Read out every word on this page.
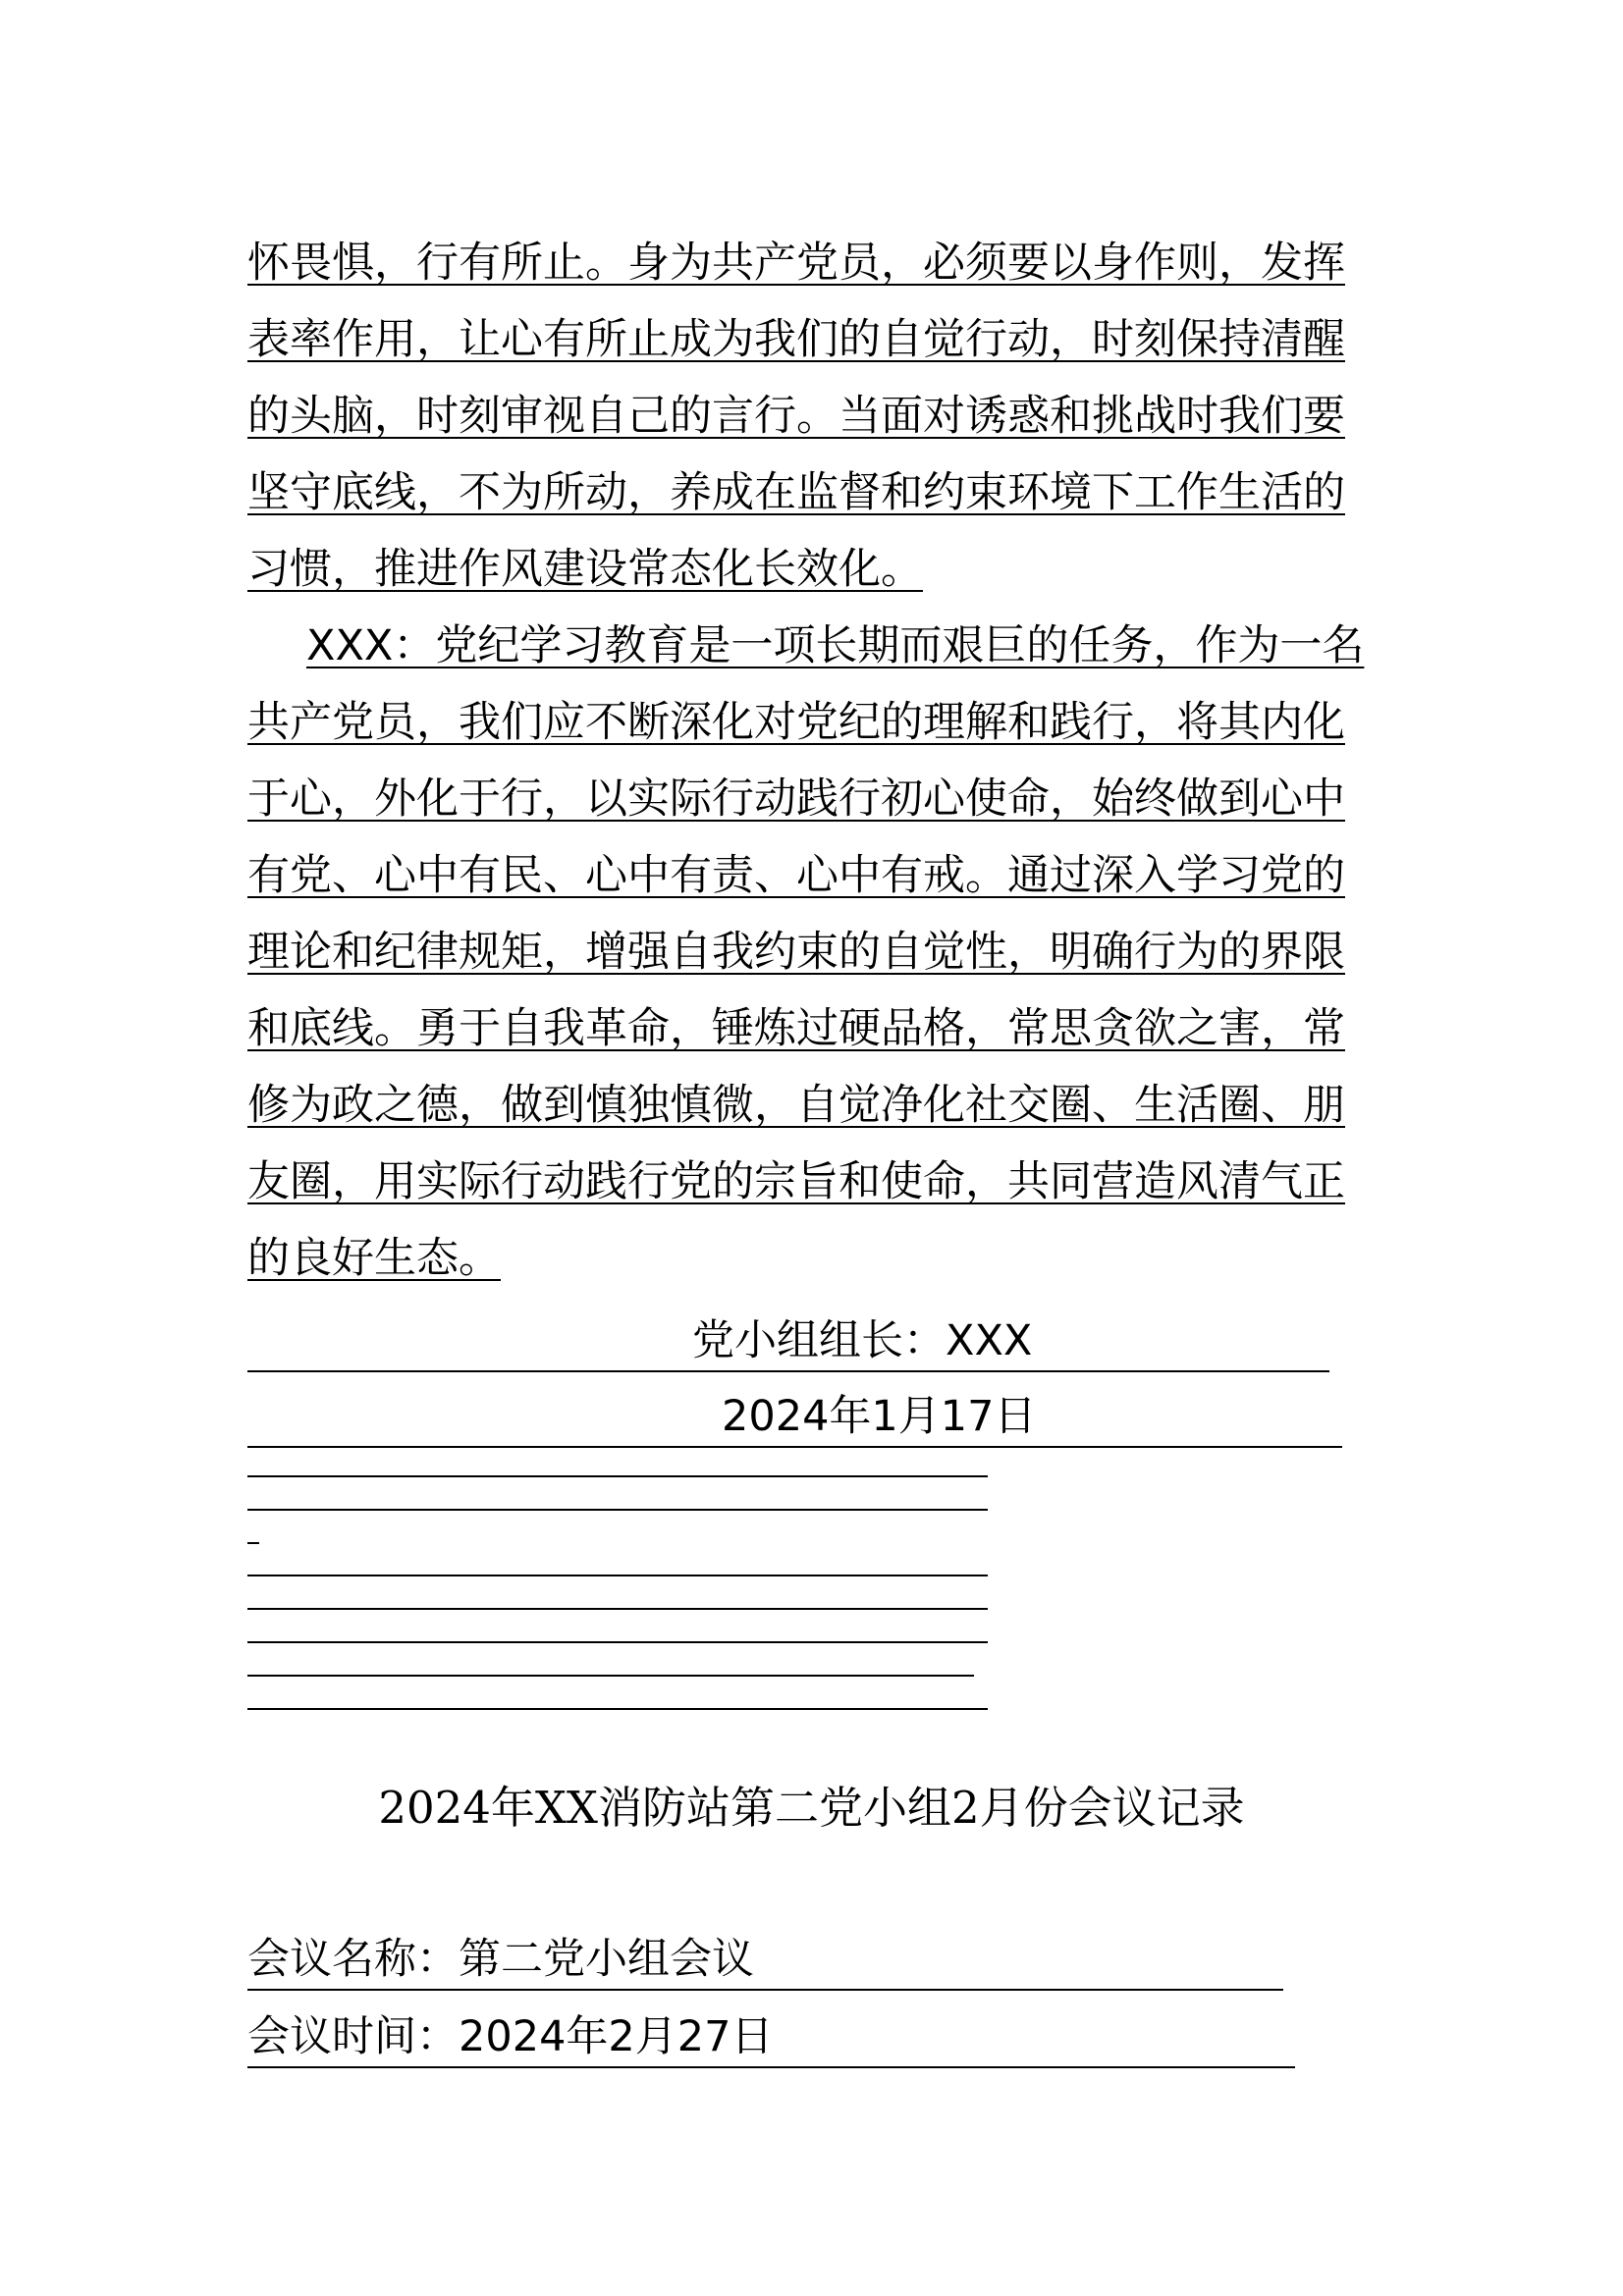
怀畏惧，行有所止。身为共产党员，必须要以身作则，发挥表率作用，让心有所止成为我们的自觉行动，时刻保持清醒的头脑，时刻审视自己的言行。当面对诱惑和挑战时我们要坚守底线，不为所动，养成在监督和约束环境下工作生活的习惯，推进作风建设常态化长效化。

XXX：党纪学习教育是一项长期而艰巨的任务，作为一名共产党员，我们应不断深化对党纪的理解和践行，将其内化于心，外化于行，以实际行动践行初心使命，始终做到心中有党、心中有民、心中有责、心中有戒。通过深入学习党的理论和纪律规矩，增强自我约束的自觉性，明确行为的界限和底线。勇于自我革命，锤炼过硬品格，常思贪欲之害，常修为政之德，做到慎独慎微，自觉净化社交圈、生活圈、朋友圈，用实际行动践行党的宗旨和使命，共同营造风清气正的良好生态。

党小组组长：XXX
2024年1月17日
2024年XX消防站第二党小组2月份会议记录
会议名称：第二党小组会议
会议时间：2024年2月27日
